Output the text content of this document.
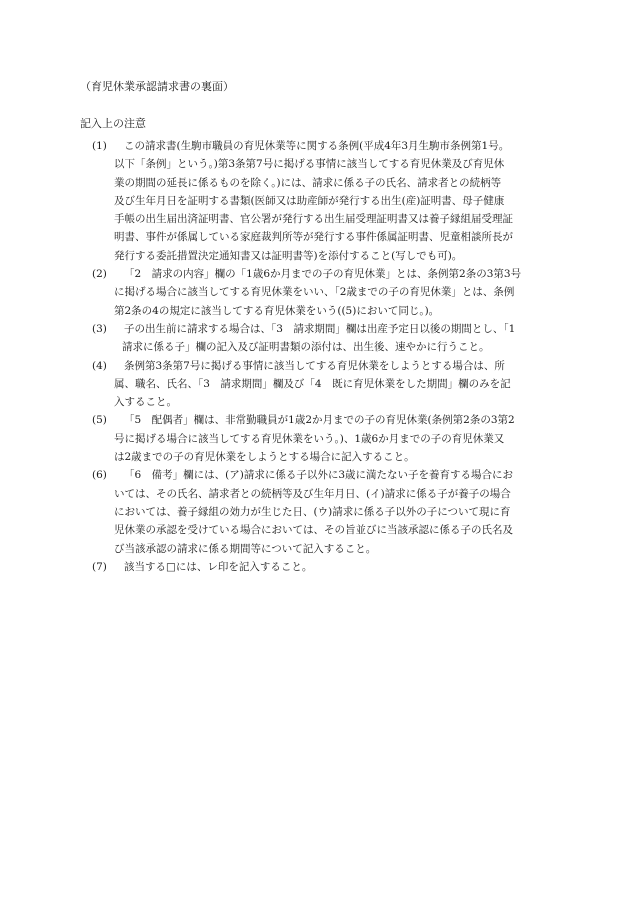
（育児休業承認請求書の裏面）
記入上の注意
(1)	この請求書(生駒市職員の育児休業等に関する条例(平成4年3月生駒市条例第1号。
以下「条例」という。)第3条第7号に掲げる事情に該当してする育児休業及び育児休
業の期間の延長に係るものを除く。)には、請求に係る子の氏名、請求者との続柄等
及び生年月日を証明する書類(医師又は助産師が発行する出生(産)証明書、母子健康
手帳の出生届出済証明書、官公署が発行する出生届受理証明書又は養子縁組届受理証
明書、事件が係属している家庭裁判所等が発行する事件係属証明書、児童相談所長が
発行する委託措置決定通知書又は証明書等)を添付すること(写しでも可)。
(2)	「2　請求の内容」欄の「1歳6か月までの子の育児休業」とは、条例第2条の3第3号
に掲げる場合に該当してする育児休業をいい、「2歳までの子の育児休業」とは、条例
第2条の4の規定に該当してする育児休業をいう((5)において同じ。)。
(3)	子の出生前に請求する場合は、「3　請求期間」欄は出産予定日以後の期間とし、「1
請求に係る子」欄の記入及び証明書類の添付は、出生後、速やかに行うこと。
(4)	条例第3条第7号に掲げる事情に該当してする育児休業をしようとする場合は、所
属、職名、氏名、「3　請求期間」欄及び「4　既に育児休業をした期間」欄のみを記
入すること。
(5)	「5　配偶者」欄は、非常勤職員が1歳2か月までの子の育児休業(条例第2条の3第2
号に掲げる場合に該当してする育児休業をいう。)、1歳6か月までの子の育児休業又
は2歳までの子の育児休業をしようとする場合に記入すること。
(6)	「6　備考」欄には、(ア)請求に係る子以外に3歳に満たない子を養育する場合にお
いては、その氏名、請求者との続柄等及び生年月日、(イ)請求に係る子が養子の場合
においては、養子縁組の効力が生じた日、(ウ)請求に係る子以外の子について現に育
児休業の承認を受けている場合においては、その旨並びに当該承認に係る子の氏名及
び当該承認の請求に係る期間等について記入すること。
(7)	該当する□には、レ印を記入すること。
